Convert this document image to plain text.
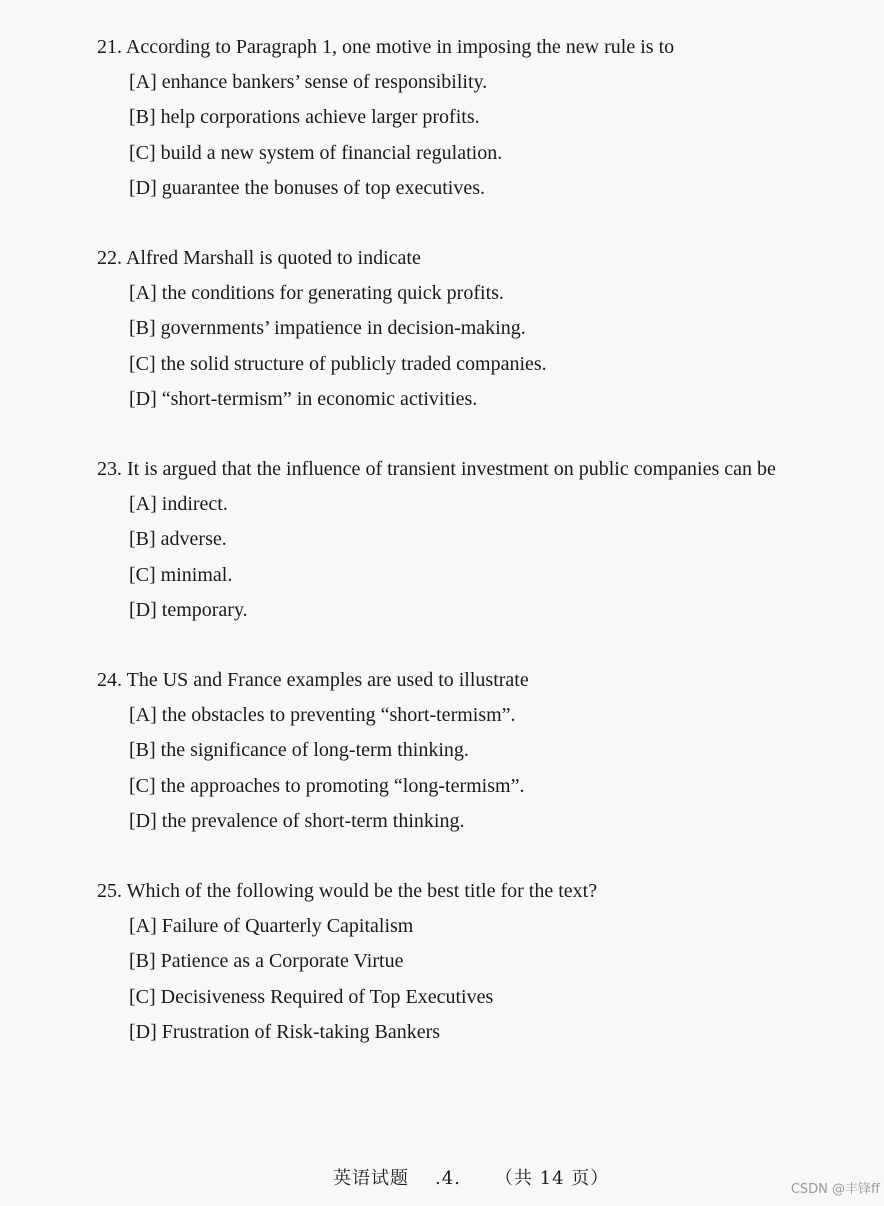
21. According to Paragraph 1, one motive in imposing the new rule is to
[A] enhance bankers’ sense of responsibility.
[B] help corporations achieve larger profits.
[C] build a new system of financial regulation.
[D] guarantee the bonuses of top executives.
22. Alfred Marshall is quoted to indicate
[A] the conditions for generating quick profits.
[B] governments’ impatience in decision-making.
[C] the solid structure of publicly traded companies.
[D] “short-termism” in economic activities.
23. It is argued that the influence of transient investment on public companies can be
[A] indirect.
[B] adverse.
[C] minimal.
[D] temporary.
24. The US and France examples are used to illustrate
[A] the obstacles to preventing “short-termism”.
[B] the significance of long-term thinking.
[C] the approaches to promoting “long-termism”.
[D] the prevalence of short-term thinking.
25. Which of the following would be the best title for the text?
[A] Failure of Quarterly Capitalism
[B] Patience as a Corporate Virtue
[C] Decisiveness Required of Top Executives
[D] Frustration of Risk-taking Bankers
英语试题 .4. （共 14 页）
CSDN @丰锋ff
